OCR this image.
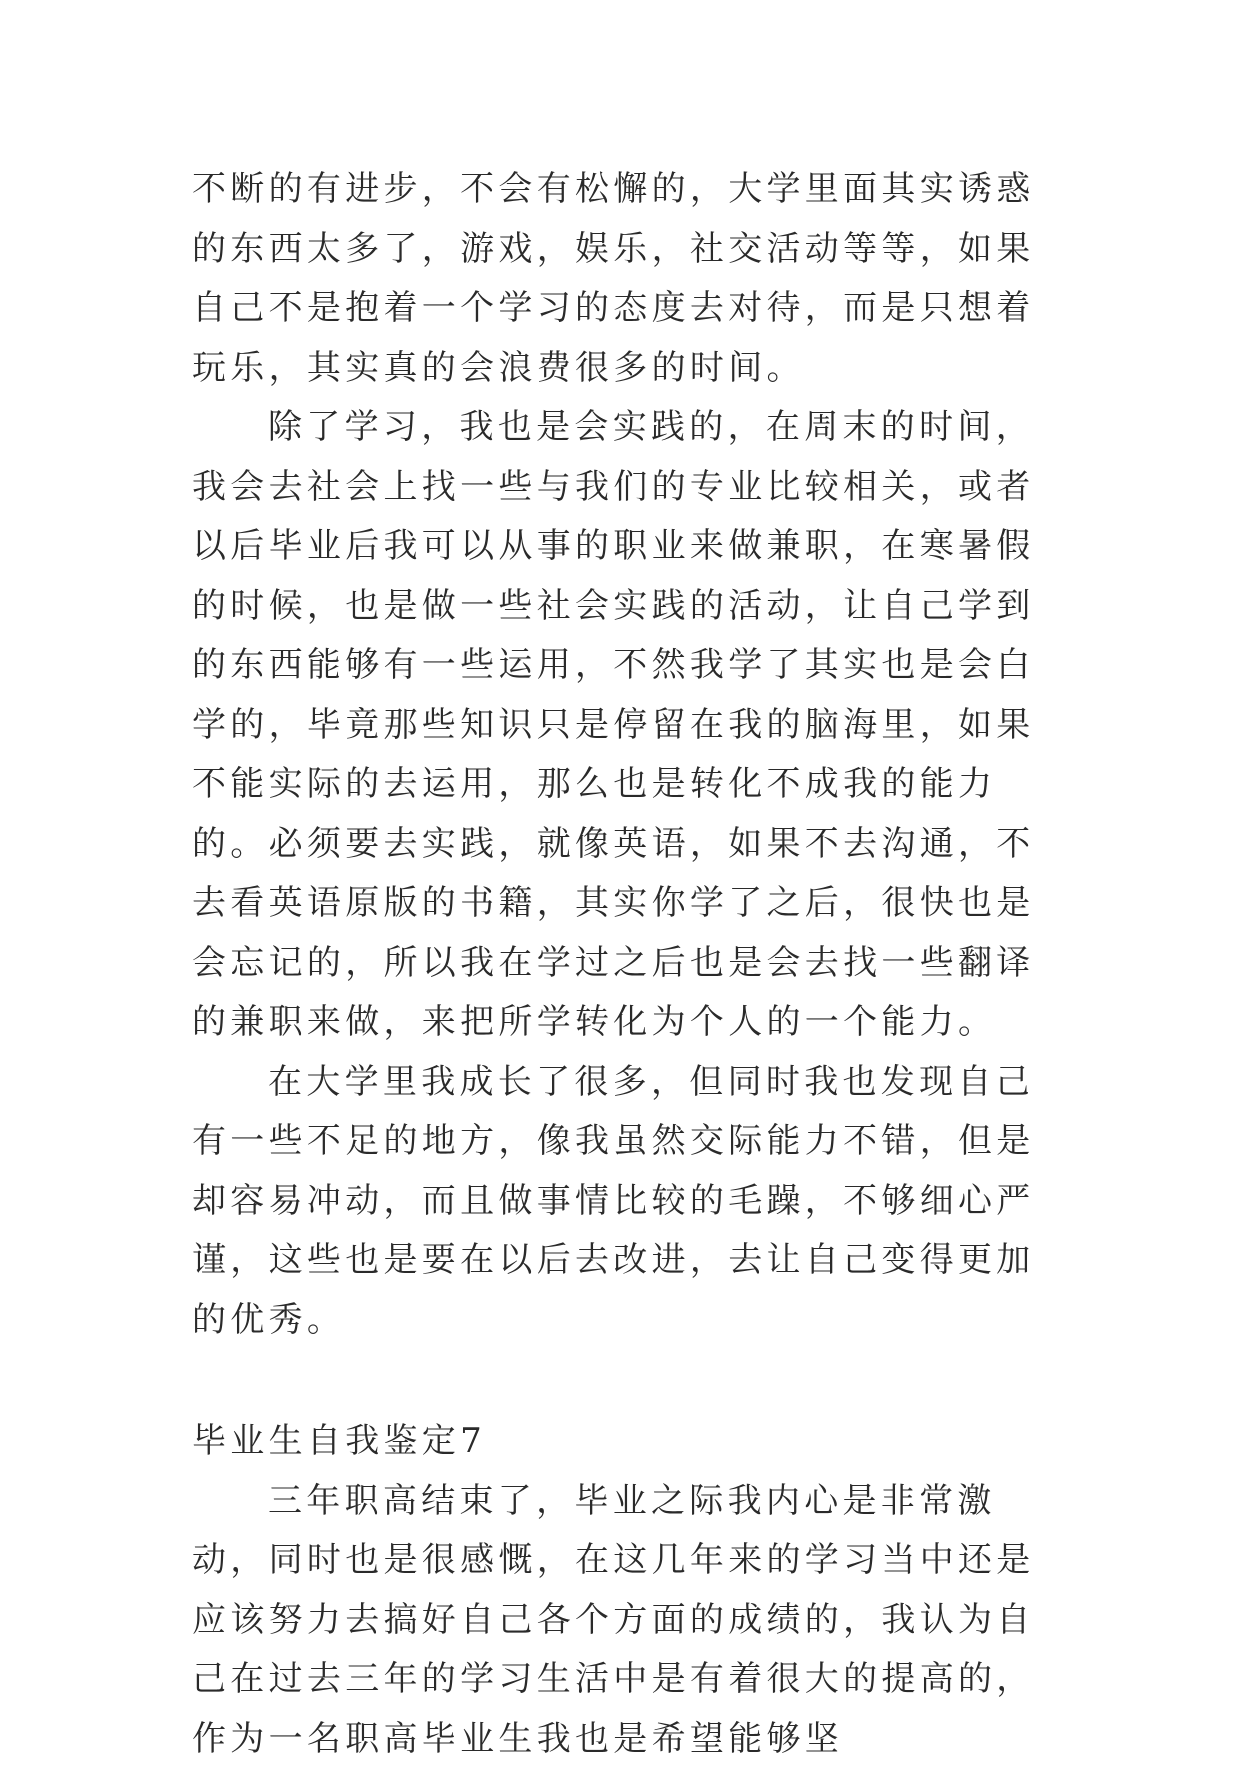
不断的有进步，不会有松懈的，大学里面其实诱惑的东西太多了，游戏，娱乐，社交活动等等，如果自己不是抱着一个学习的态度去对待，而是只想着玩乐，其实真的会浪费很多的时间。

除了学习，我也是会实践的，在周末的时间，我会去社会上找一些与我们的专业比较相关，或者以后毕业后我可以从事的职业来做兼职，在寒暑假的时候，也是做一些社会实践的活动，让自己学到的东西能够有一些运用，不然我学了其实也是会白学的，毕竟那些知识只是停留在我的脑海里，如果不能实际的去运用，那么也是转化不成我的能力的。必须要去实践，就像英语，如果不去沟通，不去看英语原版的书籍，其实你学了之后，很快也是会忘记的，所以我在学过之后也是会去找一些翻译的兼职来做，来把所学转化为个人的一个能力。

在大学里我成长了很多，但同时我也发现自己有一些不足的地方，像我虽然交际能力不错，但是却容易冲动，而且做事情比较的毛躁，不够细心严谨，这些也是要在以后去改进，去让自己变得更加的优秀。

毕业生自我鉴定7

三年职高结束了，毕业之际我内心是非常激动，同时也是很感慨，在这几年来的学习当中还是应该努力去搞好自己各个方面的成绩的，我认为自己在过去三年的学习生活中是有着很大的提高的，作为一名职高毕业生我也是希望能够坚
